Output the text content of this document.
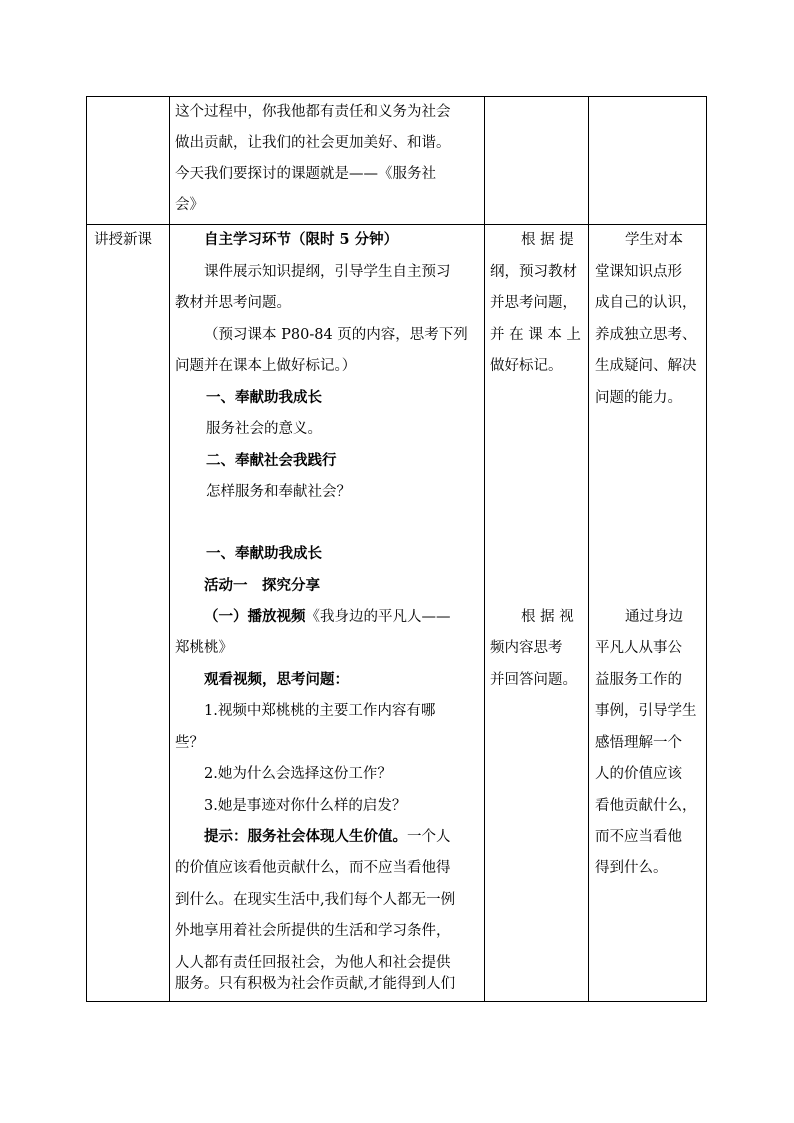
这个过程中，你我他都有责任和义务为社会
做出贡献，让我们的社会更加美好、和谐。
今天我们要探讨的课题就是——《服务社
会》
讲授新课	自主学习环节（限时 5 分钟）
课件展示知识提纲，引导学生自主预习
教材并思考问题。
（预习课本 P80-84 页的内容，思考下列
问题并在课本上做好标记。）
一、奉献助我成长
服务社会的意义。
二、奉献社会我践行
怎样服务和奉献社会？
一、奉献助我成长
活动一　探究分享
（一）播放视频《我身边的平凡人——
郑桃桃》
观看视频，思考问题：
1.视频中郑桃桃的主要工作内容有哪
些？
2.她为什么会选择这份工作？
3.她是事迹对你什么样的启发？
提示：服务社会体现人生价值。一个人
的价值应该看他贡献什么，而不应当看他得
到什么。在现实生活中,我们每个人都无一例
外地享用着社会所提供的生活和学习条件，
人人都有责任回报社会，为他人和社会提供
服务。只有积极为社会作贡献,才能得到人们
根 据 提
纲，预习教材
并思考问题，
并 在 课 本 上
做好标记。
根 据 视
频内容思考
并回答问题。
学生对本
堂课知识点形
成自己的认识，
养成独立思考、
生成疑问、解决
问题的能力。
通过身边
平凡人从事公
益服务工作的
事例，引导学生
感悟理解一个
人的价值应该
看他贡献什么，
而不应当看他
得到什么。
